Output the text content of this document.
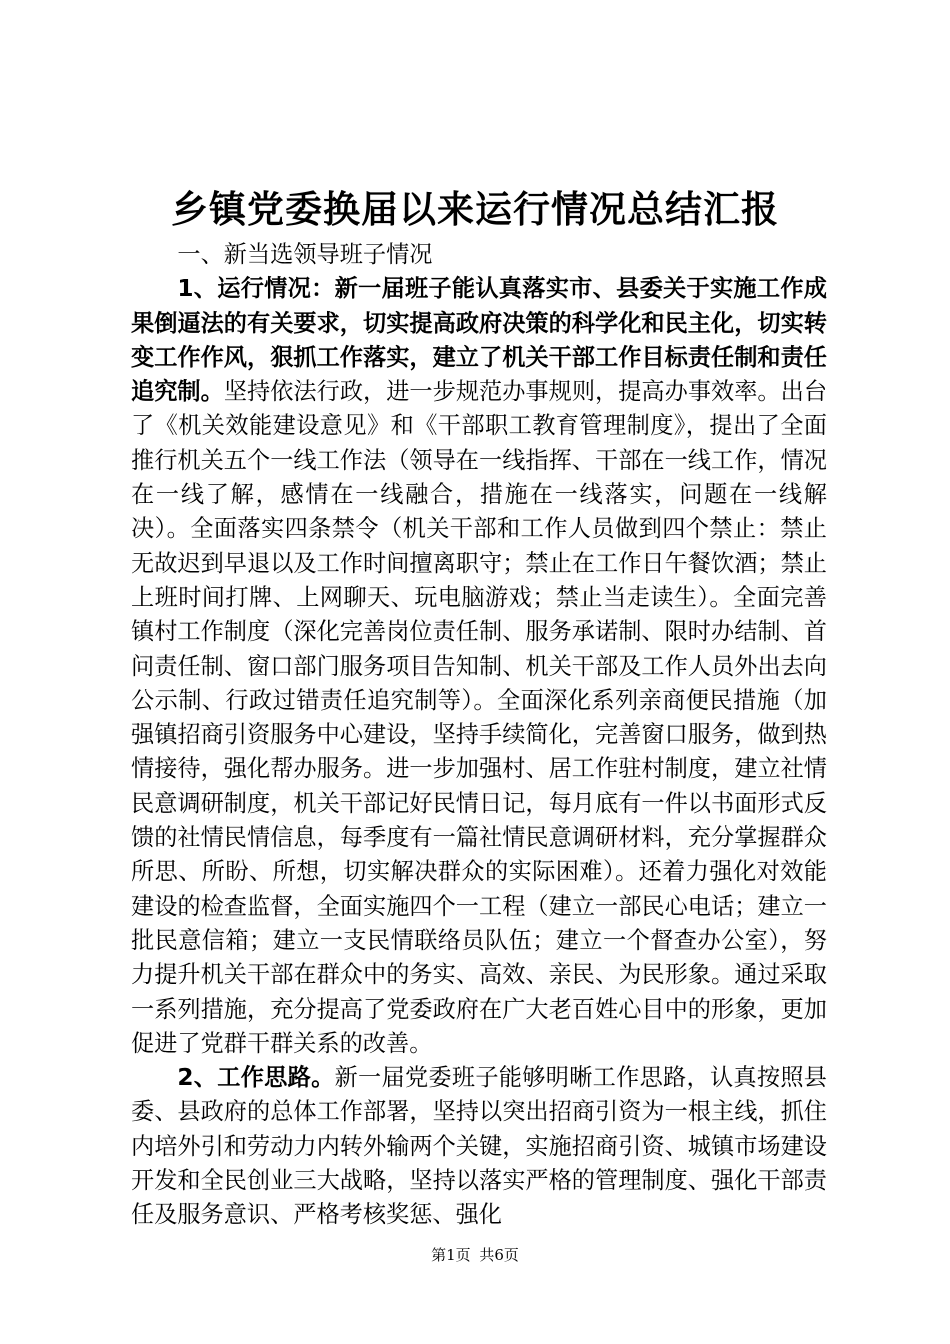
乡镇党委换届以来运行情况总结汇报

一、新当选领导班子情况

1、运行情况：新一届班子能认真落实市、县委关于实施工作成果倒逼法的有关要求，切实提高政府决策的科学化和民主化，切实转变工作作风，狠抓工作落实，建立了机关干部工作目标责任制和责任追究制。坚持依法行政，进一步规范办事规则，提高办事效率。出台了《机关效能建设意见》和《干部职工教育管理制度》，提出了全面推行机关五个一线工作法（领导在一线指挥、干部在一线工作，情况在一线了解，感情在一线融合，措施在一线落实，问题在一线解决）。全面落实四条禁令（机关干部和工作人员做到四个禁止：禁止无故迟到早退以及工作时间擅离职守；禁止在工作日午餐饮酒；禁止上班时间打牌、上网聊天、玩电脑游戏；禁止当走读生）。全面完善镇村工作制度（深化完善岗位责任制、服务承诺制、限时办结制、首问责任制、窗口部门服务项目告知制、机关干部及工作人员外出去向公示制、行政过错责任追究制等）。全面深化系列亲商便民措施（加强镇招商引资服务中心建设，坚持手续简化，完善窗口服务，做到热情接待，强化帮办服务。进一步加强村、居工作驻村制度，建立社情民意调研制度，机关干部记好民情日记，每月底有一件以书面形式反馈的社情民情信息，每季度有一篇社情民意调研材料，充分掌握群众所思、所盼、所想，切实解决群众的实际困难）。还着力强化对效能建设的检查监督，全面实施四个一工程（建立一部民心电话；建立一批民意信箱；建立一支民情联络员队伍；建立一个督查办公室），努力提升机关干部在群众中的务实、高效、亲民、为民形象。通过采取一系列措施，充分提高了党委政府在广大老百姓心目中的形象，更加促进了党群干群关系的改善。

2、工作思路。新一届党委班子能够明晰工作思路，认真按照县委、县政府的总体工作部署，坚持以突出招商引资为一根主线，抓住内培外引和劳动力内转外输两个关键，实施招商引资、城镇市场建设开发和全民创业三大战略，坚持以落实严格的管理制度、强化干部责任及服务意识、严格考核奖惩、强化

第1页 共6页
